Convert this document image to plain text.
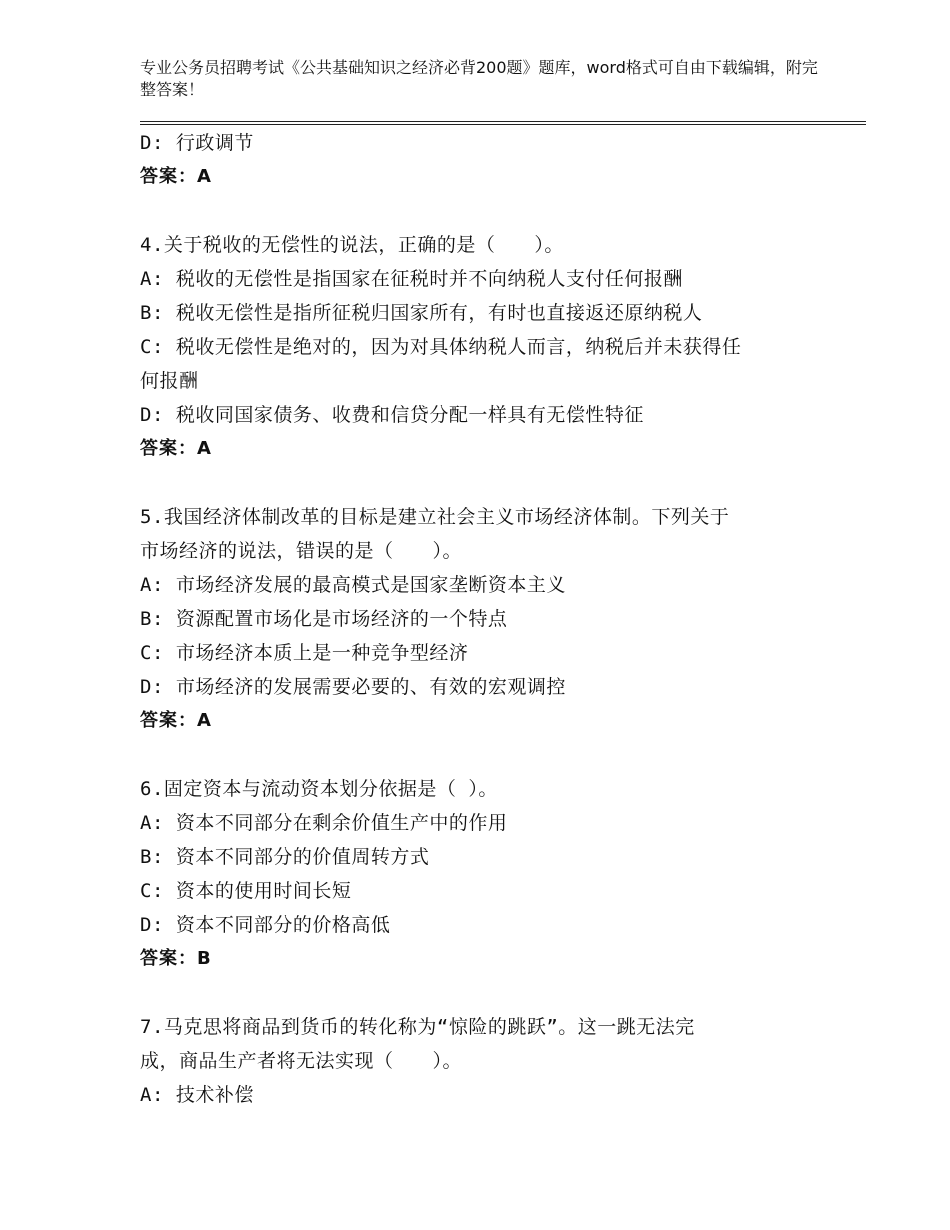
专业公务员招聘考试《公共基础知识之经济必背200题》题库，word格式可自由下载编辑，附完整答案！
D: 行政调节
答案：A
4.关于税收的无偿性的说法，正确的是（　　）。
A: 税收的无偿性是指国家在征税时并不向纳税人支付任何报酬
B: 税收无偿性是指所征税归国家所有，有时也直接返还原纳税人
C: 税收无偿性是绝对的，因为对具体纳税人而言，纳税后并未获得任
何报酬
D: 税收同国家债务、收费和信贷分配一样具有无偿性特征
答案：A
5.我国经济体制改革的目标是建立社会主义市场经济体制。下列关于
市场经济的说法，错误的是（　　）。
A: 市场经济发展的最高模式是国家垄断资本主义
B: 资源配置市场化是市场经济的一个特点
C: 市场经济本质上是一种竞争型经济
D: 市场经济的发展需要必要的、有效的宏观调控
答案：A
6.固定资本与流动资本划分依据是（ ）。
A: 资本不同部分在剩余价值生产中的作用
B: 资本不同部分的价值周转方式
C: 资本的使用时间长短
D: 资本不同部分的价格高低
答案：B
7.马克思将商品到货币的转化称为“惊险的跳跃”。这一跳无法完
成，商品生产者将无法实现（　　）。
A: 技术补偿
